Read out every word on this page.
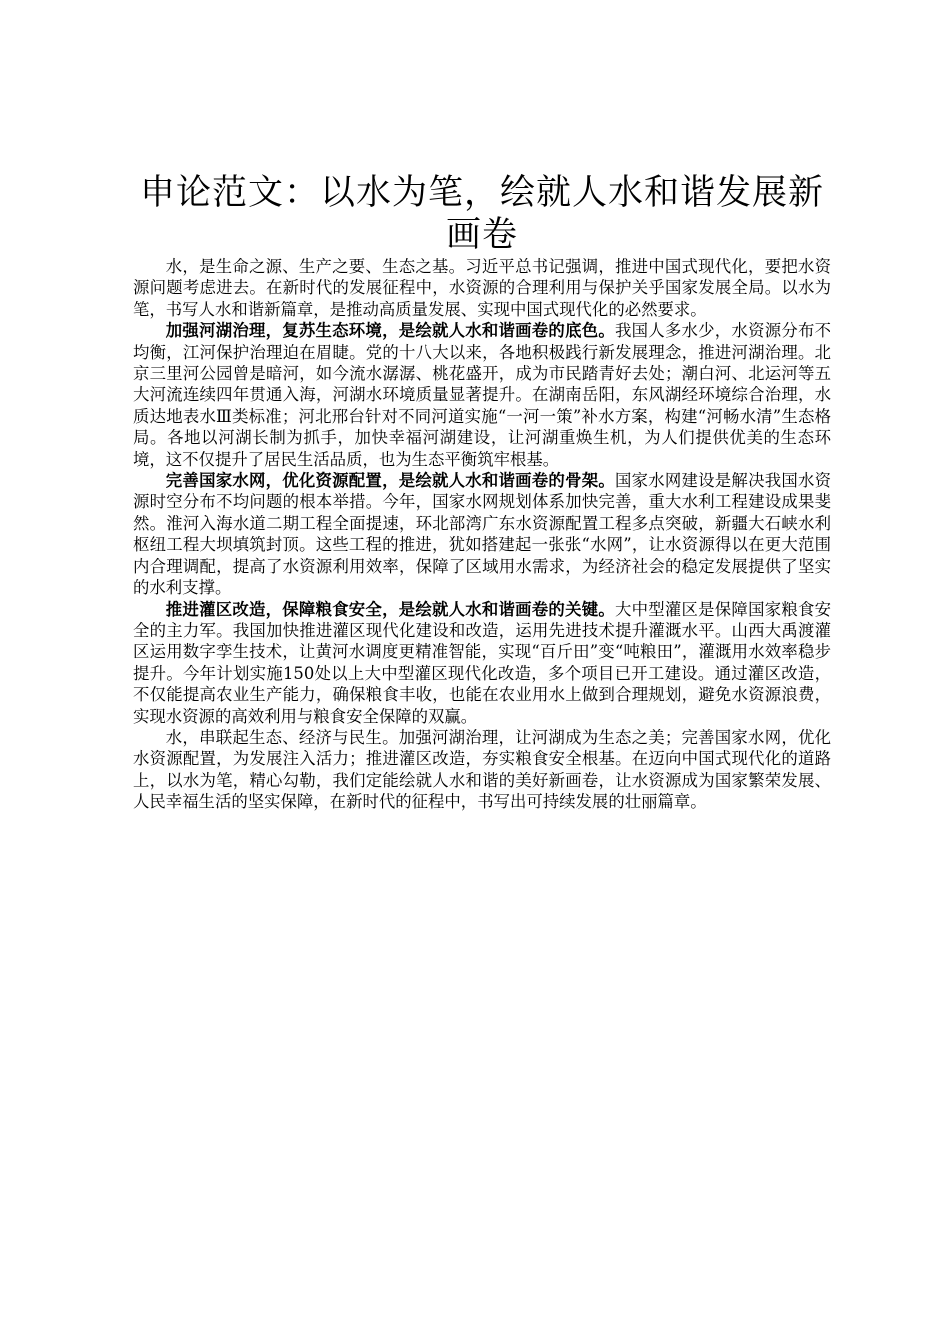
申论范文：以水为笔，绘就人水和谐发展新画卷

水，是生命之源、生产之要、生态之基。习近平总书记强调，推进中国式现代化，要把水资源问题考虑进去。在新时代的发展征程中，水资源的合理利用与保护关乎国家发展全局。以水为笔，书写人水和谐新篇章，是推动高质量发展、实现中国式现代化的必然要求。

加强河湖治理，复苏生态环境，是绘就人水和谐画卷的底色。我国人多水少，水资源分布不均衡，江河保护治理迫在眉睫。党的十八大以来，各地积极践行新发展理念，推进河湖治理。北京三里河公园曾是暗河，如今流水潺潺、桃花盛开，成为市民踏青好去处；潮白河、北运河等五大河流连续四年贯通入海，河湖水环境质量显著提升。在湖南岳阳，东风湖经环境综合治理，水质达地表水Ⅲ类标准；河北邢台针对不同河道实施“一河一策”补水方案，构建“河畅水清”生态格局。各地以河湖长制为抓手，加快幸福河湖建设，让河湖重焕生机，为人们提供优美的生态环境，这不仅提升了居民生活品质，也为生态平衡筑牢根基。

完善国家水网，优化资源配置，是绘就人水和谐画卷的骨架。国家水网建设是解决我国水资源时空分布不均问题的根本举措。今年，国家水网规划体系加快完善，重大水利工程建设成果斐然。淮河入海水道二期工程全面提速，环北部湾广东水资源配置工程多点突破，新疆大石峡水利枢纽工程大坝填筑封顶。这些工程的推进，犹如搭建起一张张“水网”，让水资源得以在更大范围内合理调配，提高了水资源利用效率，保障了区域用水需求，为经济社会的稳定发展提供了坚实的水利支撑。

推进灌区改造，保障粮食安全，是绘就人水和谐画卷的关键。大中型灌区是保障国家粮食安全的主力军。我国加快推进灌区现代化建设和改造，运用先进技术提升灌溉水平。山西大禹渡灌区运用数字孪生技术，让黄河水调度更精准智能，实现“百斤田”变“吨粮田”，灌溉用水效率稳步提升。今年计划实施150处以上大中型灌区现代化改造，多个项目已开工建设。通过灌区改造，不仅能提高农业生产能力，确保粮食丰收，也能在农业用水上做到合理规划，避免水资源浪费，实现水资源的高效利用与粮食安全保障的双赢。

水，串联起生态、经济与民生。加强河湖治理，让河湖成为生态之美；完善国家水网，优化水资源配置，为发展注入活力；推进灌区改造，夯实粮食安全根基。在迈向中国式现代化的道路上，以水为笔，精心勾勒，我们定能绘就人水和谐的美好新画卷，让水资源成为国家繁荣发展、人民幸福生活的坚实保障，在新时代的征程中，书写出可持续发展的壮丽篇章。
